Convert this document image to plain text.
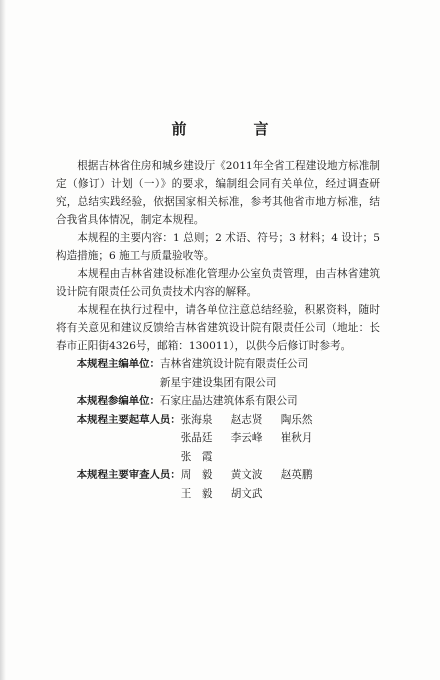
前　言

根据吉林省住房和城乡建设厅《2011年全省工程建设地方标准制定（修订）计划（一）》的要求，编制组会同有关单位，经过调查研究，总结实践经验，依据国家相关标准，参考其他省市地方标准，结合我省具体情况，制定本规程。

本规程的主要内容：1 总则；2 术语、符号；3 材料；4 设计；5 构造措施；6 施工与质量验收等。

本规程由吉林省建设标准化管理办公室负责管理，由吉林省建筑设计院有限责任公司负责技术内容的解释。

本规程在执行过程中，请各单位注意总结经验，积累资料，随时将有关意见和建议反馈给吉林省建筑设计院有限责任公司（地址：长春市正阳街4326号，邮箱：130011），以供今后修订时参考。

本规程主编单位： 吉林省建筑设计院有限责任公司
新星宇建设集团有限公司
本规程参编单位： 石家庄晶达建筑体系有限公司
本规程主要起草人员： 张海泉	赵志贤	陶乐然
张晶廷	李云峰	崔秋月
张　霞
本规程主要审查人员： 周　毅	黄文波	赵英鹏
王　毅	胡文武
